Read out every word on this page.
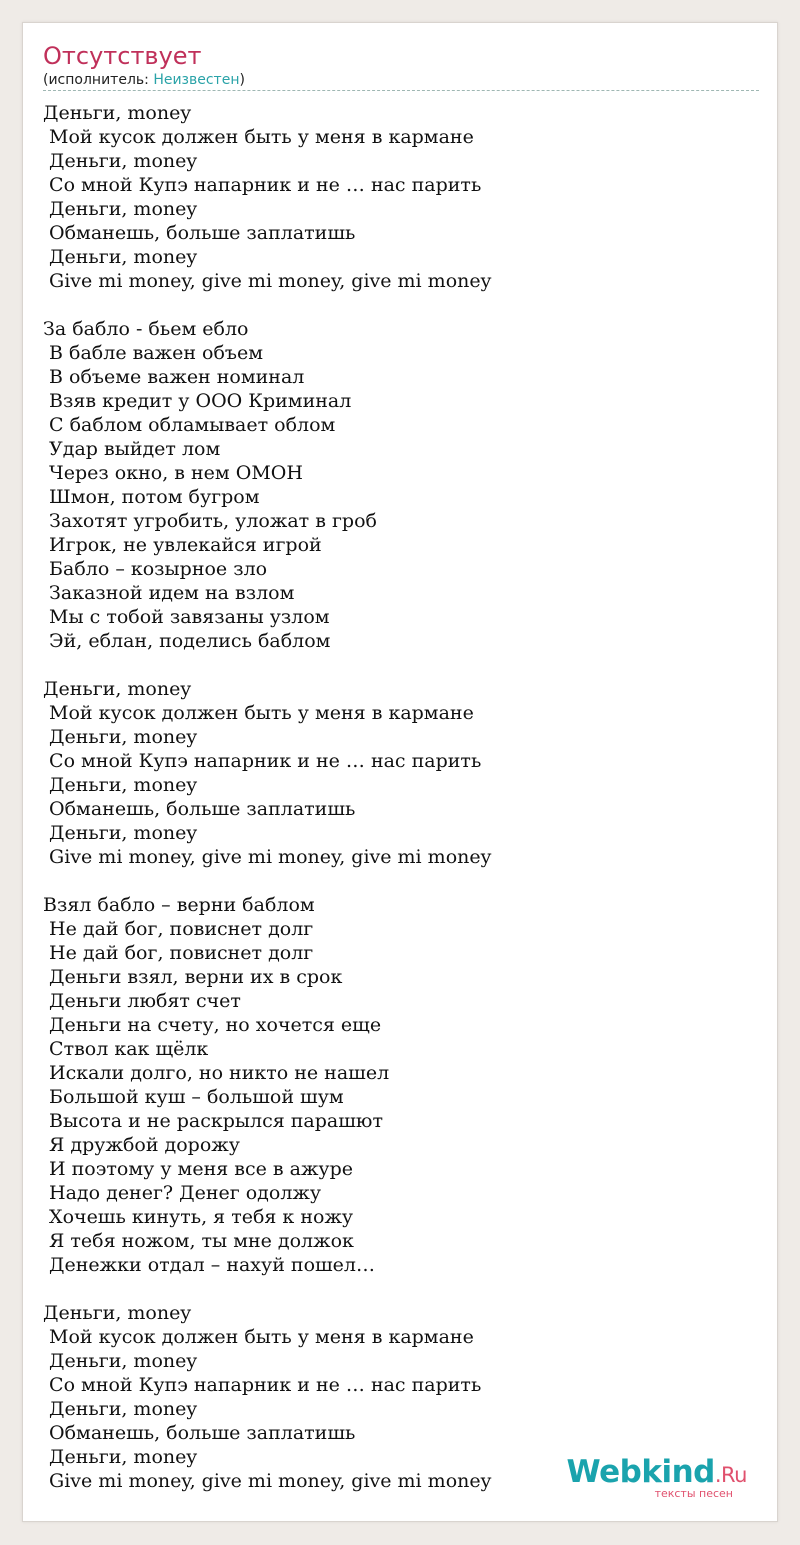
Отсутствует
(исполнитель: Неизвестен)
Деньги, money
Мой кусок должен быть у меня в кармане
Деньги, money
Со мной Купэ напарник и не … нас парить
Деньги, money
Обманешь, больше заплатишь
Деньги, money
Give mi money, give mi money, give mi money
За бабло - бьем ебло
В бабле важен объем
В объеме важен номинал
Взяв кредит у ООО Криминал
С баблом обламывает облом
Удар выйдет лом
Через окно, в нем ОМОН
Шмон, потом бугром
Захотят угробить, уложат в гроб
Игрок, не увлекайся игрой
Бабло – козырное зло
Заказной идем на взлом
Мы с тобой завязаны узлом
Эй, еблан, поделись баблом
Деньги, money
Мой кусок должен быть у меня в кармане
Деньги, money
Со мной Купэ напарник и не … нас парить
Деньги, money
Обманешь, больше заплатишь
Деньги, money
Give mi money, give mi money, give mi money
Взял бабло – верни баблом
Не дай бог, повиснет долг
Не дай бог, повиснет долг
Деньги взял, верни их в срок
Деньги любят счет
Деньги на счету, но хочется еще
Ствол как щёлк
Искали долго, но никто не нашел
Большой куш – большой шум
Высота и не раскрылся парашют
Я дружбой дорожу
И поэтому у меня все в ажуре
Надо денег? Денег одолжу
Хочешь кинуть, я тебя к ножу
Я тебя ножом, ты мне должок
Денежки отдал – нахуй пошел…
Деньги, money
Мой кусок должен быть у меня в кармане
Деньги, money
Со мной Купэ напарник и не … нас парить
Деньги, money
Обманешь, больше заплатишь
Деньги, money
Give mi money, give mi money, give mi money	Webkind.Ru
тексты песен
